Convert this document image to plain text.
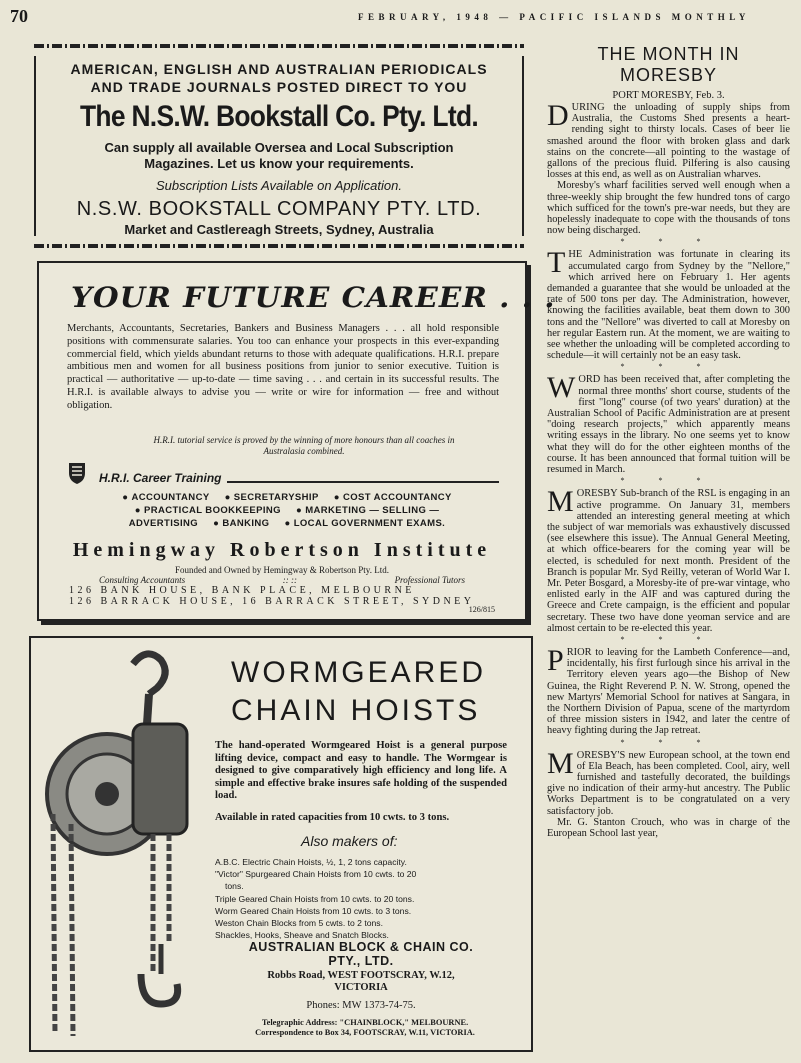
70	FEBRUARY, 1948 — PACIFIC ISLANDS MONTHLY
AMERICAN, ENGLISH AND AUSTRALIAN PERIODICALS
AND TRADE JOURNALS POSTED DIRECT TO YOU
The N.S.W. Bookstall Co. Pty. Ltd.
Can supply all available Oversea and Local Subscription
Magazines. Let us know your requirements.
Subscription Lists Available on Application.
N.S.W. BOOKSTALL COMPANY PTY. LTD.
Market and Castlereagh Streets, Sydney, Australia
YOUR FUTURE CAREER . . .
Merchants, Accountants, Secretaries, Bankers and Business Managers . . . all hold responsible positions with commensurate salaries. You too can enhance your prospects in this ever-expanding commercial field, which yields abundant returns to those with adequate qualifications. H.R.I. prepare ambitious men and women for all business positions from junior to senior executive. Tuition is practical — authoritative — up-to-date — time saving . . . and certain in its successful results. The H.R.I. is available always to advise you — write or wire for information — free and without obligation.
H.R.I. tutorial service is proved by the winning of more honours than all coaches in Australasia combined.
H.R.I. Career Training
● ACCOUNTANCY ● SECRETARYSHIP ● COST ACCOUNTANCY
● PRACTICAL BOOKKEEPING ● MARKETING — SELLING —
ADVERTISING ● BANKING ● LOCAL GOVERNMENT EXAMS.
Hemingway Robertson Institute
Founded and Owned by Hemingway & Robertson Pty. Ltd.
Consulting Accountants	:: ::	Professional Tutors
126 BANK HOUSE, BANK PLACE, MELBOURNE
126 BARRACK HOUSE, 16 BARRACK STREET, SYDNEY
126/815
WORMGEARED
CHAIN HOISTS
The hand-operated Wormgeared Hoist is a general purpose lifting device, compact and easy to handle. The Wormgear is designed to give comparatively high efficiency and long life. A simple and effective brake insures safe holding of the suspended load.
Available in rated capacities from 10 cwts. to 3 tons.
Also makers of:
A.B.C. Electric Chain Hoists, ½, 1, 2 tons capacity.
"Victor" Spurgeared Chain Hoists from 10 cwts. to 20
tons.
Triple Geared Chain Hoists from 10 cwts. to 20 tons.
Worm Geared Chain Hoists from 10 cwts. to 3 tons.
Weston Chain Blocks from 5 cwts. to 2 tons.
Shackles, Hooks, Sheave and Snatch Blocks.
AUSTRALIAN BLOCK & CHAIN CO.
PTY., LTD.
Robbs Road, WEST FOOTSCRAY, W.12,
VICTORIA
Phones: MW 1373-74-75.
Telegraphic Address: "CHAINBLOCK," MELBOURNE.
Correspondence to Box 34, FOOTSCRAY, W.11, VICTORIA.
THE MONTH IN
MORESBY
PORT MORESBY, Feb. 3.

DURING the unloading of supply ships from Australia, the Customs Shed presents a heart-rending sight to thirsty locals. Cases of beer lie smashed around the floor with broken glass and dark stains on the concrete—all pointing to the wastage of gallons of the precious fluid. Pilfering is also causing losses at this end, as well as on Australian wharves.

Moresby's wharf facilities served well enough when a three-weekly ship brought the few hundred tons of cargo which sufficed for the town's pre-war needs, but they are hopelessly inadequate to cope with the thousands of tons now being discharged.

* * *

THE Administration was fortunate in clearing its accumulated cargo from Sydney by the "Nellore," which arrived here on February 1. Her agents demanded a guarantee that she would be unloaded at the rate of 500 tons per day. The Administration, however, knowing the facilities available, beat them down to 300 tons and the "Nellore" was diverted to call at Moresby on her regular Eastern run. At the moment, we are waiting to see whether the unloading will be completed according to schedule—it will certainly not be an easy task.

* * *

WORD has been received that, after completing the normal three months' short course, students of the first "long" course (of two years' duration) at the Australian School of Pacific Administration are at present "doing research projects," which apparently means writing essays in the library. No one seems yet to know what they will do for the other eighteen months of the course. It has been announced that formal tuition will be resumed in March.

* * *

MORESBY Sub-branch of the RSL is engaging in an active programme. On January 31, members attended an interesting general meeting at which the subject of war memorials was exhaustively discussed (see elsewhere this issue). The Annual General Meeting, at which office-bearers for the coming year will be elected, is scheduled for next month. President of the Branch is popular Mr. Syd Reilly, veteran of World War I. Mr. Peter Bosgard, a Moresby-ite of pre-war vintage, who enlisted early in the AIF and was captured during the Greece and Crete campaign, is the efficient and popular secretary. These two have done yeoman service and are almost certain to be re-elected this year.

* * *

PRIOR to leaving for the Lambeth Conference—and, incidentally, his first furlough since his arrival in the Territory eleven years ago—the Bishop of New Guinea, the Right Reverend P. N. W. Strong, opened the new Martyrs' Memorial School for natives at Sangara, in the Northern Division of Papua, scene of the martyrdom of three mission sisters in 1942, and later the centre of heavy fighting during the Jap retreat.

* * *

MORESBY'S new European school, at the town end of Ela Beach, has been completed. Cool, airy, well furnished and tastefully decorated, the buildings give no indication of their army-hut ancestry. The Public Works Department is to be congratulated on a very satisfactory job.

Mr. G. Stanton Crouch, who was in charge of the European School last year,
